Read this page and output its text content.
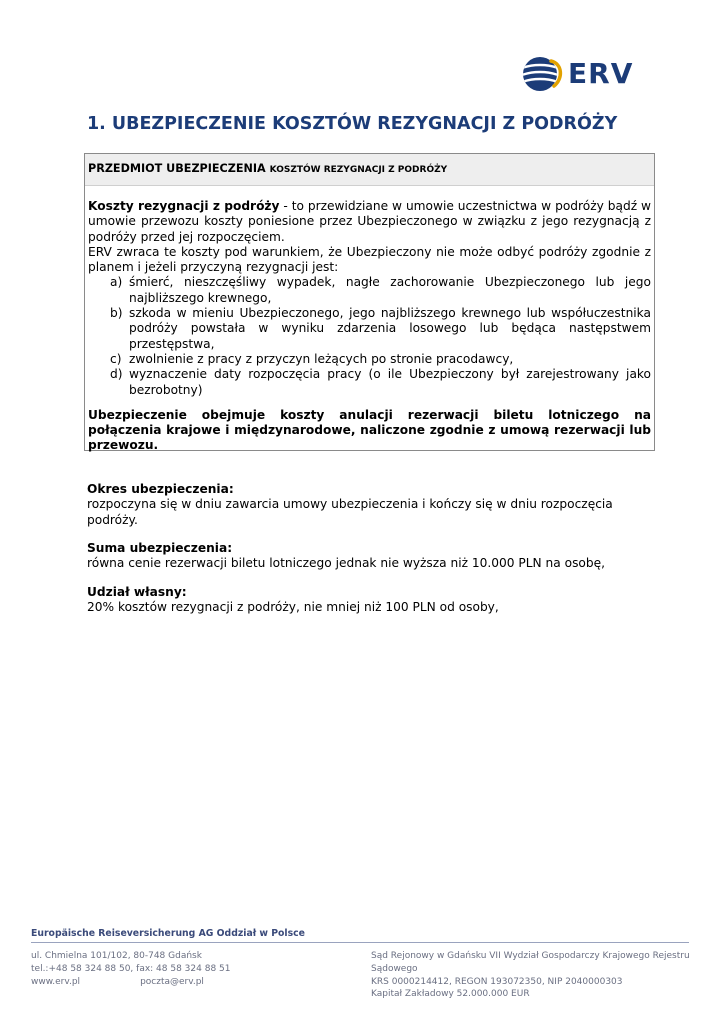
ERV
1. UBEZPIECZENIE KOSZTÓW REZYGNACJI Z PODRÓŻY
PRZEDMIOT UBEZPIECZENIA KOSZTÓW REZYGNACJI Z PODRÓŻY

Koszty rezygnacji z podróży - to przewidziane w umowie uczestnictwa w podróży bądź w umowie przewozu koszty poniesione przez Ubezpieczonego w związku z jego rezygnacją z podróży przed jej rozpoczęciem.

ERV zwraca te koszty pod warunkiem, że Ubezpieczony nie może odbyć podróży zgodnie z planem i jeżeli przyczyną rezygnacji jest:

a) śmierć, nieszczęśliwy wypadek, nagłe zachorowanie Ubezpieczonego lub jego najbliższego krewnego,
b) szkoda w mieniu Ubezpieczonego, jego najbliższego krewnego lub współuczestnika podróży powstała w wyniku zdarzenia losowego lub będąca następstwem przestępstwa,
c) zwolnienie z pracy z przyczyn leżących po stronie pracodawcy,
d) wyznaczenie daty rozpoczęcia pracy (o ile Ubezpieczony był zarejestrowany jako bezrobotny)

Ubezpieczenie obejmuje koszty anulacji rezerwacji biletu lotniczego na połączenia krajowe i międzynarodowe, naliczone zgodnie z umową rezerwacji lub przewozu.

Okres ubezpieczenia:
rozpoczyna się w dniu zawarcia umowy ubezpieczenia i kończy się w dniu rozpoczęcia podróży.
Suma ubezpieczenia:
równa cenie rezerwacji biletu lotniczego jednak nie wyższa niż 10.000 PLN na osobę,
Udział własny:
20% kosztów rezygnacji z podróży, nie mniej niż 100 PLN od osoby,
Europäische Reiseversicherung AG Oddział w Polsce
ul. Chmielna 101/102, 80-748 Gdańsk
tel.:+48 58 324 88 50, fax: 48 58 324 88 51
www.erv.pl	poczta@erv.pl
Sąd Rejonowy w Gdańsku VII Wydział Gospodarczy Krajowego Rejestru Sądowego
KRS 0000214412, REGON 193072350, NIP 2040000303
Kapitał Zakładowy 52.000.000 EUR
